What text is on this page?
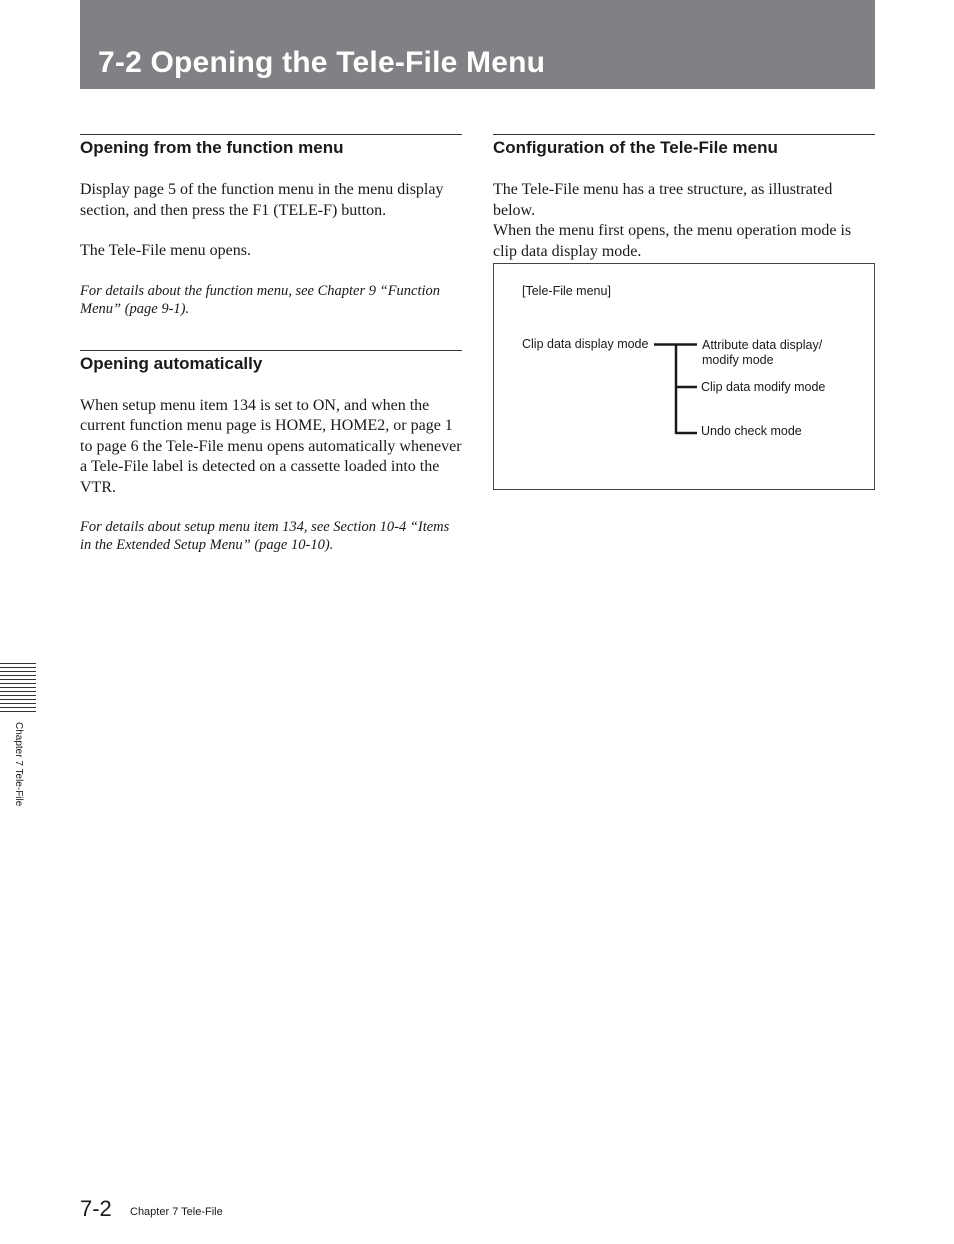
7-2 Opening the Tele-File Menu
Opening from the function menu

Display page 5 of the function menu in the menu display section, and then press the F1 (TELE-F) button.

The Tele-File menu opens.

For details about the function menu, see Chapter 9 “Function Menu” (page 9-1).

Opening automatically

When setup menu item 134 is set to ON, and when the current function menu page is HOME, HOME2, or page 1 to page 6 the Tele-File menu opens automatically whenever a Tele-File label is detected on a cassette loaded into the VTR.

For details about setup menu item 134, see Section 10-4 “Items in the Extended Setup Menu” (page 10-10).

Configuration of the Tele-File menu

The Tele-File menu has a tree structure, as illustrated below.

When the menu first opens, the menu operation mode is clip data display mode.

[Tele-File menu]

Clip data display mode	Attribute data display/
modify mode

Clip data modify mode

Undo check mode

Chapter 7 Tele-File
7-2 Chapter 7 Tele-File
